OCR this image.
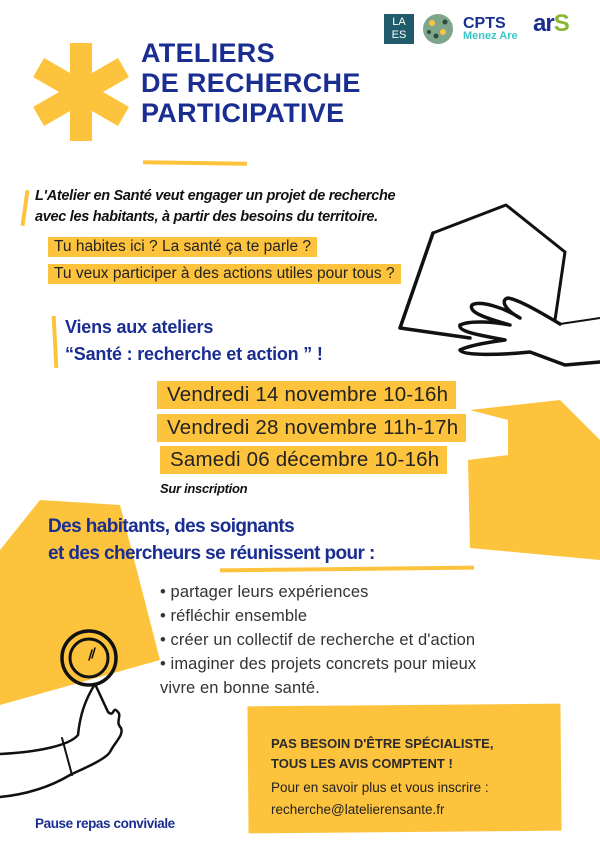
LA ES
CPTS
Menez Are arS
ATELIERS
DE RECHERCHE
PARTICIPATIVE
L'Atelier en Santé veut engager un projet de recherche
avec les habitants, à partir des besoins du territoire.
Tu habites ici ? La santé ça te parle ?
Tu veux participer à des actions utiles pour tous ?
Viens aux ateliers
“Santé : recherche et action ” !
Vendredi 14 novembre 10-16h
Vendredi 28 novembre 11h-17h
Samedi 06 décembre 10-16h
Sur inscription
Des habitants, des soignants
et des chercheurs se réunissent pour :
• partager leurs expériences
• réfléchir ensemble
• créer un collectif de recherche et d'action
• imaginer des projets concrets pour mieux
vivre en bonne santé.
PAS BESOIN D'ÊTRE SPÉCIALISTE,
TOUS LES AVIS COMPTENT !
Pour en savoir plus et vous inscrire :
recherche@latelierensante.fr
Pause repas conviviale
